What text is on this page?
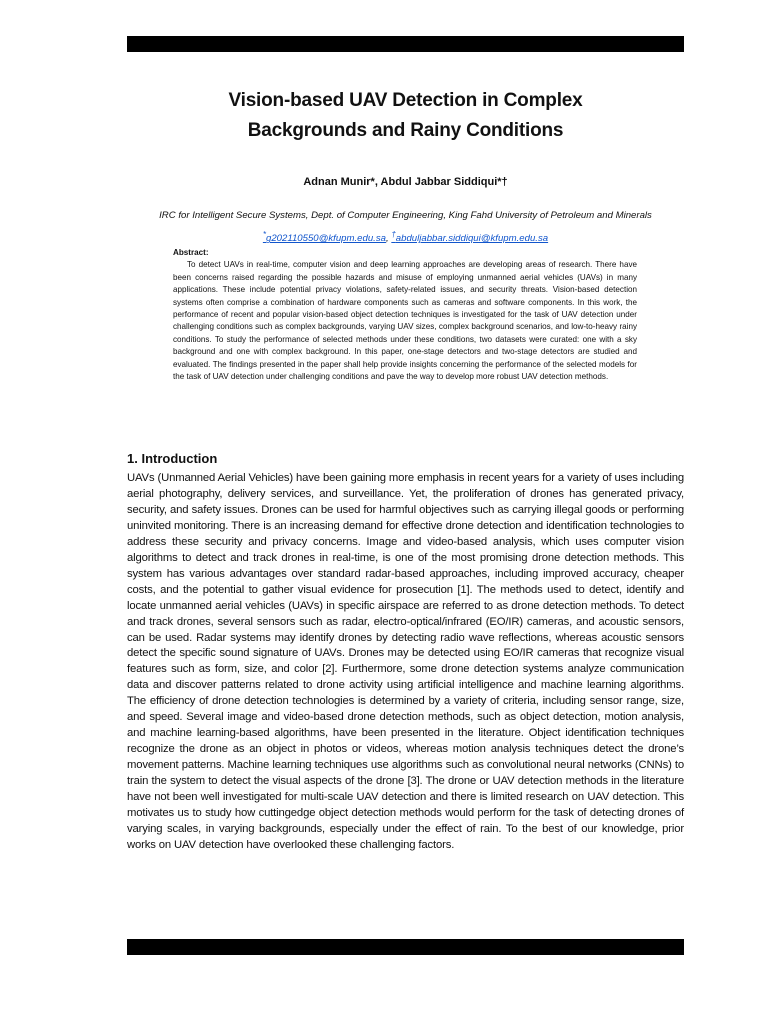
Vision-based UAV Detection in Complex
Backgrounds and Rainy Conditions

Adnan Munir*, Abdul Jabbar Siddiqui*†

IRC for Intelligent Secure Systems, Dept. of Computer Engineering, King Fahd University of Petroleum and Minerals

*g202110550@kfupm.edu.sa, †abduljabbar.siddiqui@kfupm.edu.sa

Abstract:
To detect UAVs in real-time, computer vision and deep learning approaches are developing areas of research. There have been concerns raised regarding the possible hazards and misuse of employing unmanned aerial vehicles (UAVs) in many applications. These include potential privacy violations, safety-related issues, and security threats. Vision-based detection systems often comprise a combination of hardware components such as cameras and software components. In this work, the performance of recent and popular vision-based object detection techniques is investigated for the task of UAV detection under challenging conditions such as complex backgrounds, varying UAV sizes, complex background scenarios, and low-to-heavy rainy conditions. To study the performance of selected methods under these conditions, two datasets were curated: one with a sky background and one with complex background. In this paper, one-stage detectors and two-stage detectors are studied and evaluated. The findings presented in the paper shall help provide insights concerning the performance of the selected models for the task of UAV detection under challenging conditions and pave the way to develop more robust UAV detection methods.
1. Introduction

UAVs (Unmanned Aerial Vehicles) have been gaining more emphasis in recent years for a variety of uses including aerial photography, delivery services, and surveillance. Yet, the proliferation of drones has generated privacy, security, and safety issues. Drones can be used for harmful objectives such as carrying illegal goods or performing uninvited monitoring. There is an increasing demand for effective drone detection and identification technologies to address these security and privacy concerns. Image and video-based analysis, which uses computer vision algorithms to detect and track drones in real-time, is one of the most promising drone detection methods. This system has various advantages over standard radar-based approaches, including improved accuracy, cheaper costs, and the potential to gather visual evidence for prosecution [1]. The methods used to detect, identify and locate unmanned aerial vehicles (UAVs) in specific airspace are referred to as drone detection methods. To detect and track drones, several sensors such as radar, electro-optical/infrared (EO/IR) cameras, and acoustic sensors, can be used. Radar systems may identify drones by detecting radio wave reflections, whereas acoustic sensors detect the specific sound signature of UAVs. Drones may be detected using EO/IR cameras that recognize visual features such as form, size, and color [2]. Furthermore, some drone detection systems analyze communication data and discover patterns related to drone activity using artificial intelligence and machine learning algorithms. The efficiency of drone detection technologies is determined by a variety of criteria, including sensor range, size, and speed. Several image and video-based drone detection methods, such as object detection, motion analysis, and machine learning-based algorithms, have been presented in the literature. Object identification techniques recognize the drone as an object in photos or videos, whereas motion analysis techniques detect the drone’s movement patterns. Machine learning techniques use algorithms such as convolutional neural networks (CNNs) to train the system to detect the visual aspects of the drone [3]. The drone or UAV detection methods in the literature have not been well investigated for multi-scale UAV detection and there is limited research on UAV detection. This motivates us to study how cuttingedge object detection methods would perform for the task of detecting drones of varying scales, in varying backgrounds, especially under the effect of rain. To the best of our knowledge, prior works on UAV detection have overlooked these challenging factors.
